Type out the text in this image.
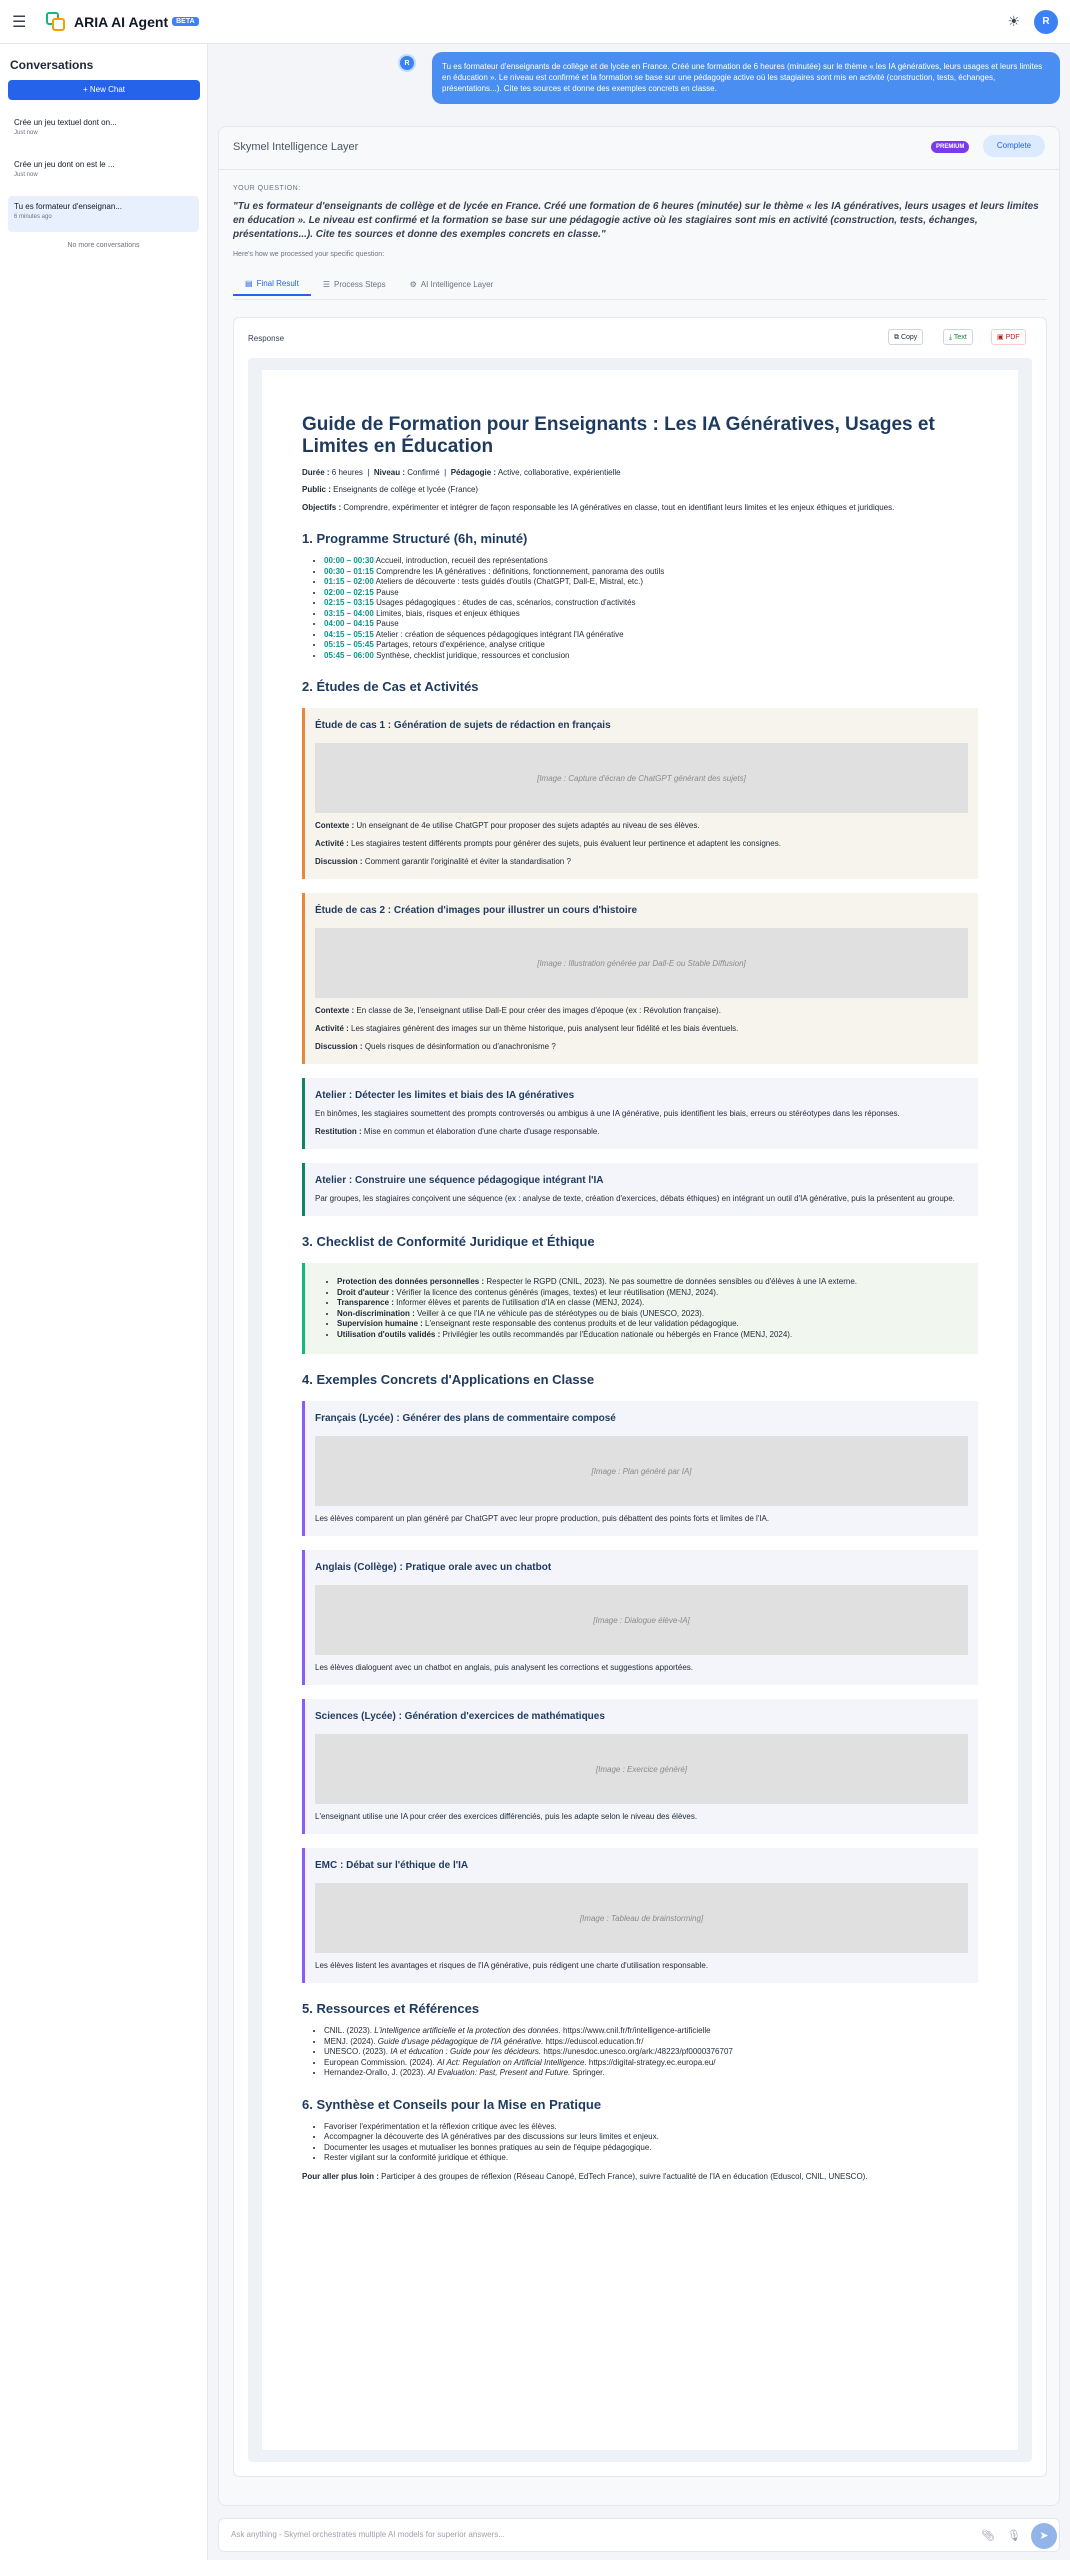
☰	ARIA AI Agent	BETA	☀	R
Conversations
+ New Chat
Crée un jeu textuel dont on...
Just now
Crée un jeu dont on est le ...
Just now
Tu es formateur d'enseignan...
6 minutes ago
No more conversations
R	Tu es formateur d'enseignants de collège et de lycée en France. Créé une formation de 6 heures (minutée) sur le thème « les IA génératives, leurs usages et leurs limites en éducation ». Le niveau est confirmé et la formation se base sur une pédagogie active où les stagiaires sont mis en activité (construction, tests, échanges, présentations...). Cite tes sources et donne des exemples concrets en classe.
Skymel Intelligence Layer	PREMIUM	Complete
YOUR QUESTION:
"Tu es formateur d'enseignants de collège et de lycée en France. Créé une formation de 6 heures (minutée) sur le thème « les IA génératives, leurs usages et leurs limites en éducation ». Le niveau est confirmé et la formation se base sur une pédagogie active où les stagiaires sont mis en activité (construction, tests, échanges, présentations...). Cite tes sources et donne des exemples concrets en classe."
Here's how we processed your specific question:
▤ Final Result	☰ Process Steps	⚙ AI Intelligence Layer
Response	⧉ Copy	⤓ Text	▣ PDF
Guide de Formation pour Enseignants : Les IA Génératives, Usages et Limites en Éducation
Durée : 6 heures  |  Niveau : Confirmé  |  Pédagogie : Active, collaborative, expérientielle
Public : Enseignants de collège et lycée (France)
Objectifs : Comprendre, expérimenter et intégrer de façon responsable les IA génératives en classe, tout en identifiant leurs limites et les enjeux éthiques et juridiques.
1. Programme Structuré (6h, minuté)
• 00:00 – 00:30 Accueil, introduction, recueil des représentations
• 00:30 – 01:15 Comprendre les IA génératives : définitions, fonctionnement, panorama des outils
• 01:15 – 02:00 Ateliers de découverte : tests guidés d'outils (ChatGPT, Dall-E, Mistral, etc.)
• 02:00 – 02:15 Pause
• 02:15 – 03:15 Usages pédagogiques : études de cas, scénarios, construction d'activités
• 03:15 – 04:00 Limites, biais, risques et enjeux éthiques
• 04:00 – 04:15 Pause
• 04:15 – 05:15 Atelier : création de séquences pédagogiques intégrant l'IA générative
• 05:15 – 05:45 Partages, retours d'expérience, analyse critique
• 05:45 – 06:00 Synthèse, checklist juridique, ressources et conclusion
2. Études de Cas et Activités
Étude de cas 1 : Génération de sujets de rédaction en français
[Image : Capture d'écran de ChatGPT générant des sujets]

Contexte : Un enseignant de 4e utilise ChatGPT pour proposer des sujets adaptés au niveau de ses élèves.

Activité : Les stagiaires testent différents prompts pour générer des sujets, puis évaluent leur pertinence et adaptent les consignes.

Discussion : Comment garantir l'originalité et éviter la standardisation ?

Étude de cas 2 : Création d'images pour illustrer un cours d'histoire
[Image : Illustration générée par Dall-E ou Stable Diffusion]

Contexte : En classe de 3e, l'enseignant utilise Dall-E pour créer des images d'époque (ex : Révolution française).

Activité : Les stagiaires génèrent des images sur un thème historique, puis analysent leur fidélité et les biais éventuels.

Discussion : Quels risques de désinformation ou d'anachronisme ?

Atelier : Détecter les limites et biais des IA génératives

En binômes, les stagiaires soumettent des prompts controversés ou ambigus à une IA générative, puis identifient les biais, erreurs ou stéréotypes dans les réponses.

Restitution : Mise en commun et élaboration d'une charte d'usage responsable.

Atelier : Construire une séquence pédagogique intégrant l'IA

Par groupes, les stagiaires conçoivent une séquence (ex : analyse de texte, création d'exercices, débats éthiques) en intégrant un outil d'IA générative, puis la présentent au groupe.

3. Checklist de Conformité Juridique et Éthique
• Protection des données personnelles : Respecter le RGPD (CNIL, 2023). Ne pas soumettre de données sensibles ou d'élèves à une IA externe.
• Droit d'auteur : Vérifier la licence des contenus générés (images, textes) et leur réutilisation (MENJ, 2024).
• Transparence : Informer élèves et parents de l'utilisation d'IA en classe (MENJ, 2024).
• Non-discrimination : Veiller à ce que l'IA ne véhicule pas de stéréotypes ou de biais (UNESCO, 2023).
• Supervision humaine : L'enseignant reste responsable des contenus produits et de leur validation pédagogique.
• Utilisation d'outils validés : Privilégier les outils recommandés par l'Éducation nationale ou hébergés en France (MENJ, 2024).
4. Exemples Concrets d'Applications en Classe
Français (Lycée) : Générer des plans de commentaire composé
[Image : Plan généré par IA]

Les élèves comparent un plan généré par ChatGPT avec leur propre production, puis débattent des points forts et limites de l'IA.

Anglais (Collège) : Pratique orale avec un chatbot
[Image : Dialogue élève-IA]

Les élèves dialoguent avec un chatbot en anglais, puis analysent les corrections et suggestions apportées.

Sciences (Lycée) : Génération d'exercices de mathématiques
[Image : Exercice généré]

L'enseignant utilise une IA pour créer des exercices différenciés, puis les adapte selon le niveau des élèves.

EMC : Débat sur l'éthique de l'IA
[Image : Tableau de brainstorming]

Les élèves listent les avantages et risques de l'IA générative, puis rédigent une charte d'utilisation responsable.

5. Ressources et Références
• CNIL. (2023). L'intelligence artificielle et la protection des données. https://www.cnil.fr/fr/intelligence-artificielle
• MENJ. (2024). Guide d'usage pédagogique de l'IA générative. https://eduscol.education.fr/
• UNESCO. (2023). IA et éducation : Guide pour les décideurs. https://unesdoc.unesco.org/ark:/48223/pf0000376707
• European Commission. (2024). AI Act: Regulation on Artificial Intelligence. https://digital-strategy.ec.europa.eu/
• Hernandez-Orallo, J. (2023). AI Evaluation: Past, Present and Future. Springer.
6. Synthèse et Conseils pour la Mise en Pratique
• Favoriser l'expérimentation et la réflexion critique avec les élèves.
• Accompagner la découverte des IA génératives par des discussions sur leurs limites et enjeux.
• Documenter les usages et mutualiser les bonnes pratiques au sein de l'équipe pédagogique.
• Rester vigilant sur la conformité juridique et éthique.
Pour aller plus loin : Participer à des groupes de réflexion (Réseau Canopé, EdTech France), suivre l'actualité de l'IA en éducation (Eduscol, CNIL, UNESCO).
Ask anything - Skymel orchestrates multiple AI models for superior answers...	📎︎ 🎙︎	➤
